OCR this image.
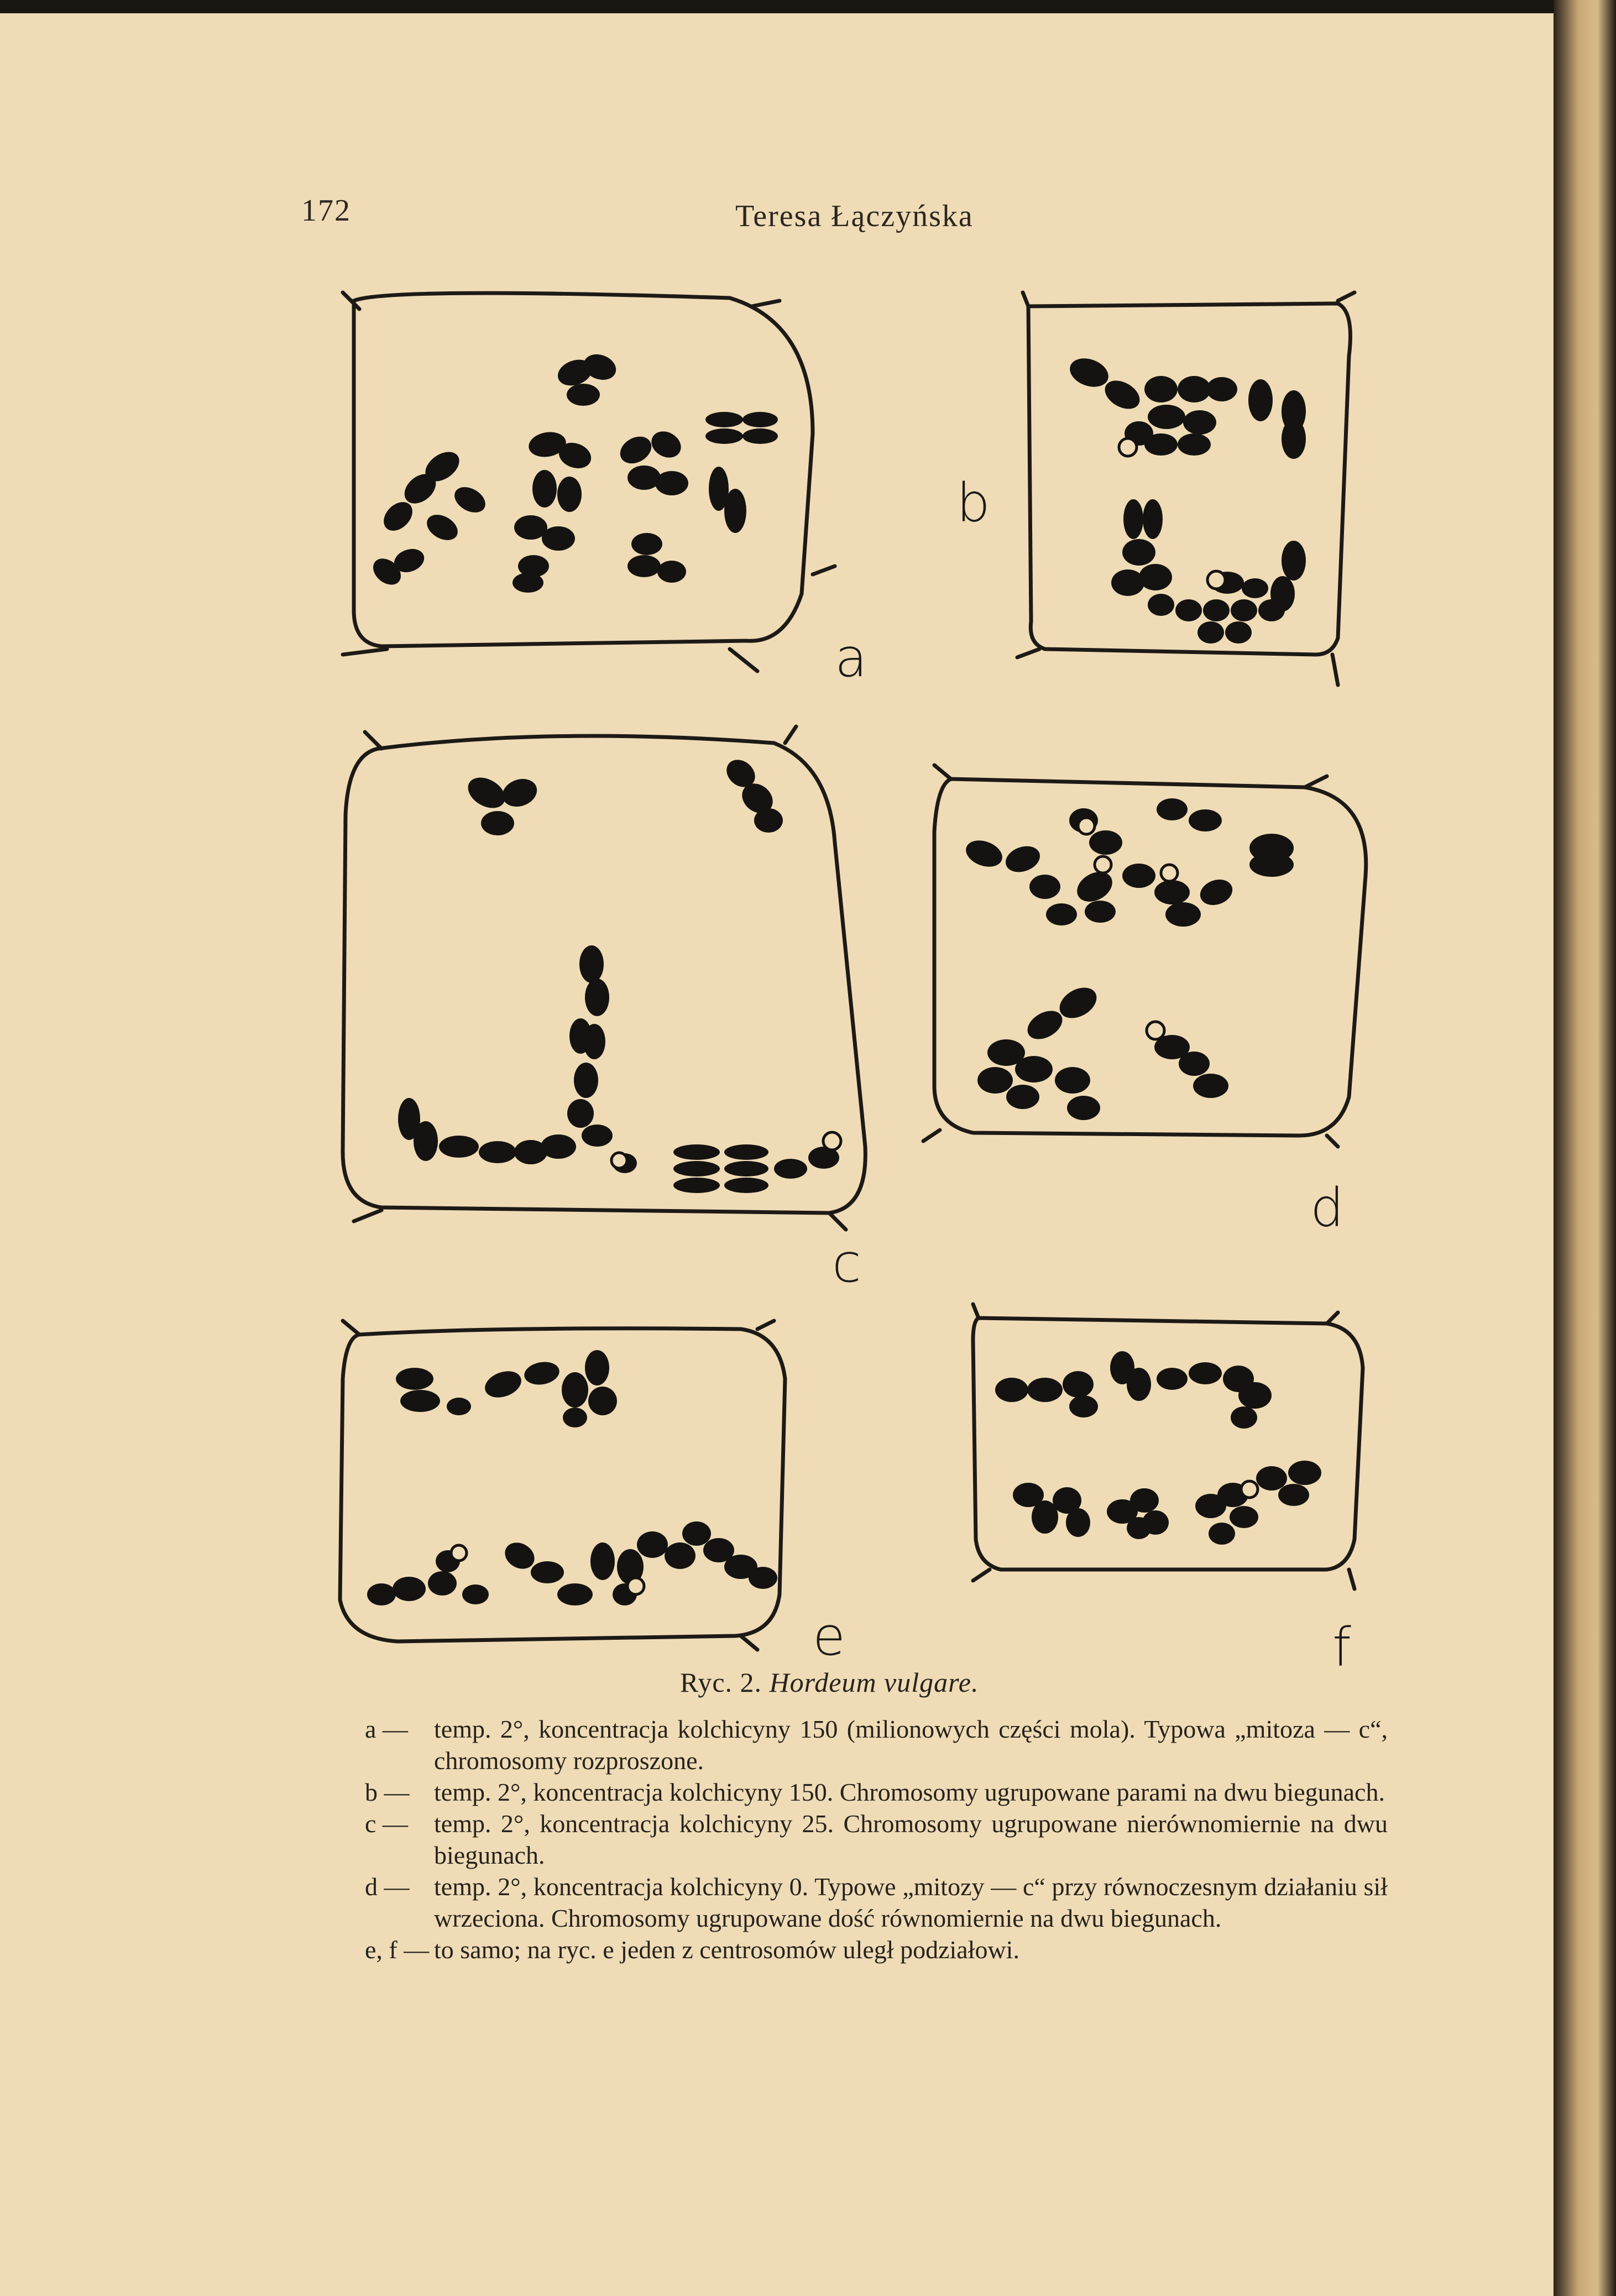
172	Teresa Łączyńska
a
b
c
d
e	f
Ryc. 2. Hordeum vulgare.
a —	temp. 2°, koncentracja kolchicyny 150 (milionowych części mola). Typowa „mitoza — c“, chromosomy rozproszone.
b — temp. 2°, koncentracja kolchicyny 150. Chromosomy ugrupowane parami na dwu biegunach.
c —	temp. 2°, koncentracja kolchicyny 25. Chromosomy ugrupowane nierównomiernie na dwu biegunach.
d — temp. 2°, koncentracja kolchicyny 0. Typowe „mitozy — c“ przy równoczesnym działaniu sił wrzeciona. Chromosomy ugrupowane dość równomiernie na dwu biegunach.
e, f — to samo; na ryc. e jeden z centrosomów uległ podziałowi.
